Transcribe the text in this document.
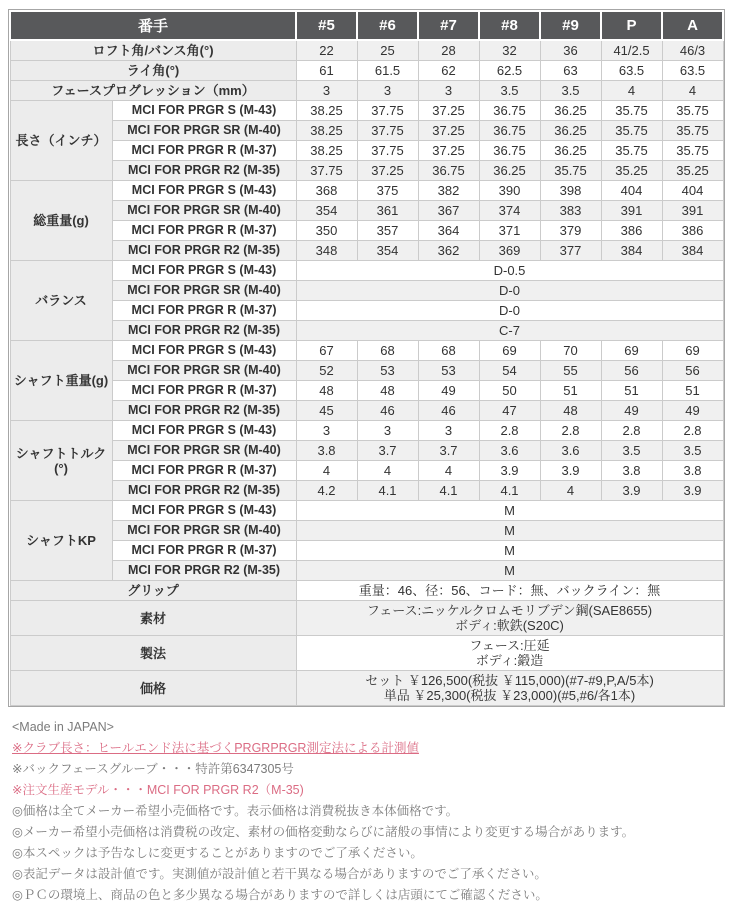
番手		#5	#6	#7	#8	#9	P	A
ロフト角/バンス角(°)		22	25	28	32	36	41/2.5	46/3
ライ角(°)		61	61.5	62	62.5	63	63.5	63.5
フェースプログレッション（mm）		3	3	3	3.5	3.5	4	4
長さ（インチ）	MCI FOR PRGR S (M-43)	38.25	37.75	37.25	36.75	36.25	35.75	35.75
	MCI FOR PRGR SR (M-40)	38.25	37.75	37.25	36.75	36.25	35.75	35.75
	MCI FOR PRGR R (M-37)	38.25	37.75	37.25	36.75	36.25	35.75	35.75
	MCI FOR PRGR R2 (M-35)	37.75	37.25	36.75	36.25	35.75	35.25	35.25
総重量(g)	MCI FOR PRGR S (M-43)	368	375	382	390	398	404	404
	MCI FOR PRGR SR (M-40)	354	361	367	374	383	391	391
	MCI FOR PRGR R (M-37)	350	357	364	371	379	386	386
	MCI FOR PRGR R2 (M-35)	348	354	362	369	377	384	384
バランス	MCI FOR PRGR S (M-43)	D-0.5						
	MCI FOR PRGR SR (M-40)	D-0						
	MCI FOR PRGR R (M-37)	D-0						
	MCI FOR PRGR R2 (M-35)	C-7						
シャフト重量(g)	MCI FOR PRGR S (M-43)	67	68	68	69	70	69	69
	MCI FOR PRGR SR (M-40)	52	53	53	54	55	56	56
	MCI FOR PRGR R (M-37)	48	48	49	50	51	51	51
	MCI FOR PRGR R2 (M-35)	45	46	46	47	48	49	49
シャフトトルク(°)	MCI FOR PRGR S (M-43)	3	3	3	2.8	2.8	2.8	2.8
	MCI FOR PRGR SR (M-40)	3.8	3.7	3.7	3.6	3.6	3.5	3.5
	MCI FOR PRGR R (M-37)	4	4	4	3.9	3.9	3.8	3.8
	MCI FOR PRGR R2 (M-35)	4.2	4.1	4.1	4.1	4	3.9	3.9
シャフトKP	MCI FOR PRGR S (M-43)	M						
	MCI FOR PRGR SR (M-40)	M						
	MCI FOR PRGR R (M-37)	M						
	MCI FOR PRGR R2 (M-35)	M						
グリップ		重量：46、径：56、コード：無、バックライン：無						
素材		フェース:ニッケルクロムモリブデン鋼(SAE8655)
ボディ:軟鉄(S20C)						
製法		フェース:圧延
ボディ:鍛造						
価格		セット ￥126,500(税抜 ￥115,000)(#7-#9,P,A/5本)
単品 ￥25,300(税抜 ￥23,000)(#5,#6/各1本)						

<Made in JAPAN>

※クラブ長さ：ヒールエンド法に基づくPRGRPRGR測定法による計測値

※バックフェースグルーブ・・・特許第6347305号

※注文生産モデル・・・MCI FOR PRGR R2（M-35)

◎価格は全てメーカー希望小売価格です。表示価格は消費税抜き本体価格です。

◎メーカー希望小売価格は消費税の改定、素材の価格変動ならびに諸般の事情により変更する場合があります。

◎本スペックは予告なしに変更することがありますのでご了承ください。

◎表記データは設計値です。実測値が設計値と若干異なる場合がありますのでご了承ください。

◎ＰＣの環境上、商品の色と多少異なる場合がありますので詳しくは店頭にてご確認ください。
